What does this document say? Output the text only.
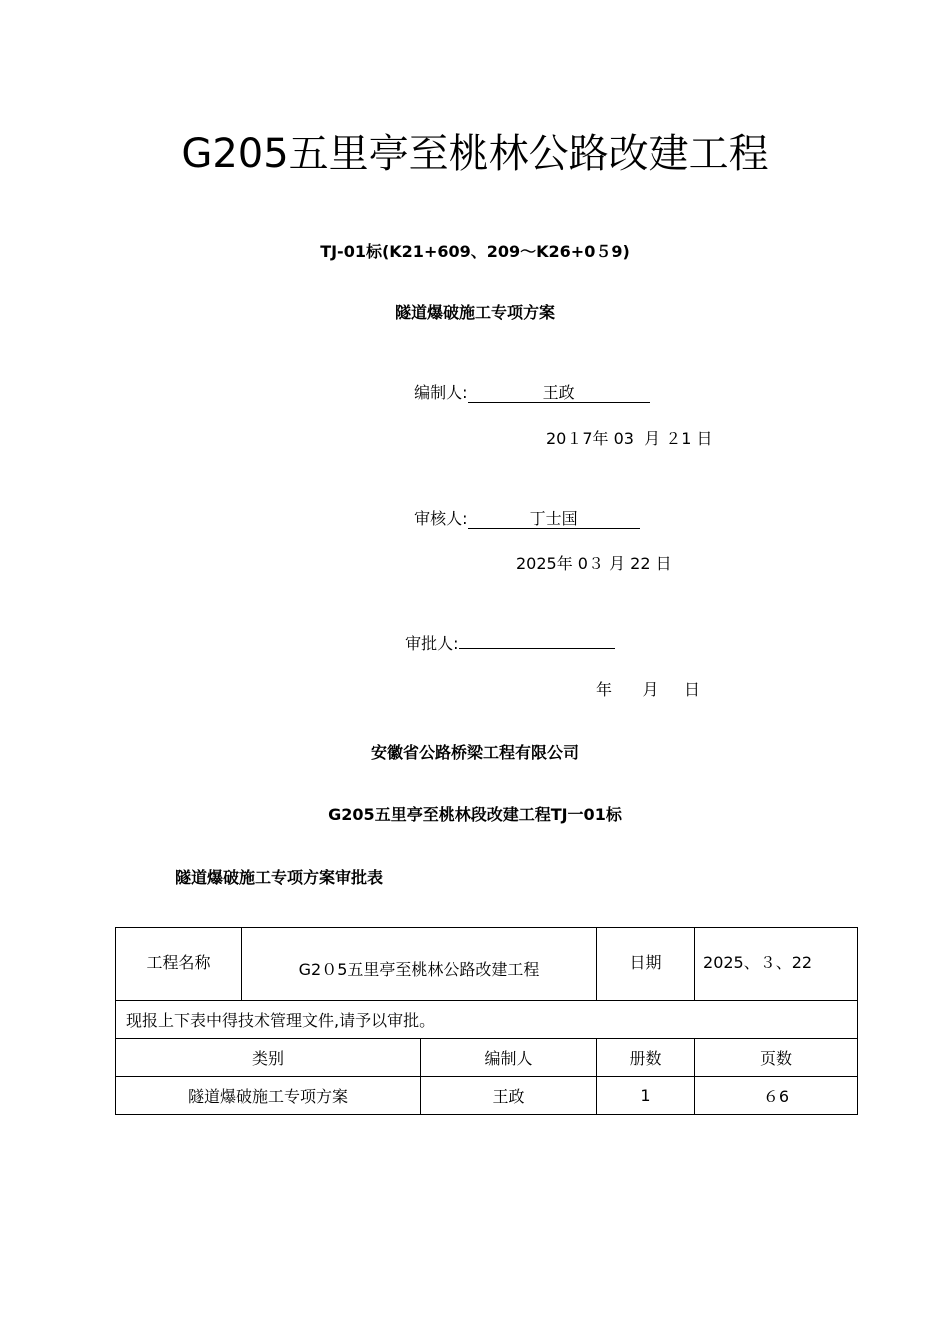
G205五里亭至桃林公路改建工程
TJ-01标(K21+609、209～K26+0５9)
隧道爆破施工专项方案

编制人:	王政

20１7年 03  月 ２1 日

审核人:	丁士国

2025年 0３ 月 22 日

审批人:

年      月     日
安徽省公路桥梁工程有限公司
G205五里亭至桃林段改建工程TJ一01标
隧道爆破施工专项方案审批表
工程名称	G2０5五里亭至桃林公路改建工程		日期	2025、３、22
现报上下表中得技术管理文件,请予以审批。				
类别		编制人	册数	页数
隧道爆破施工专项方案		王政	1	６6
